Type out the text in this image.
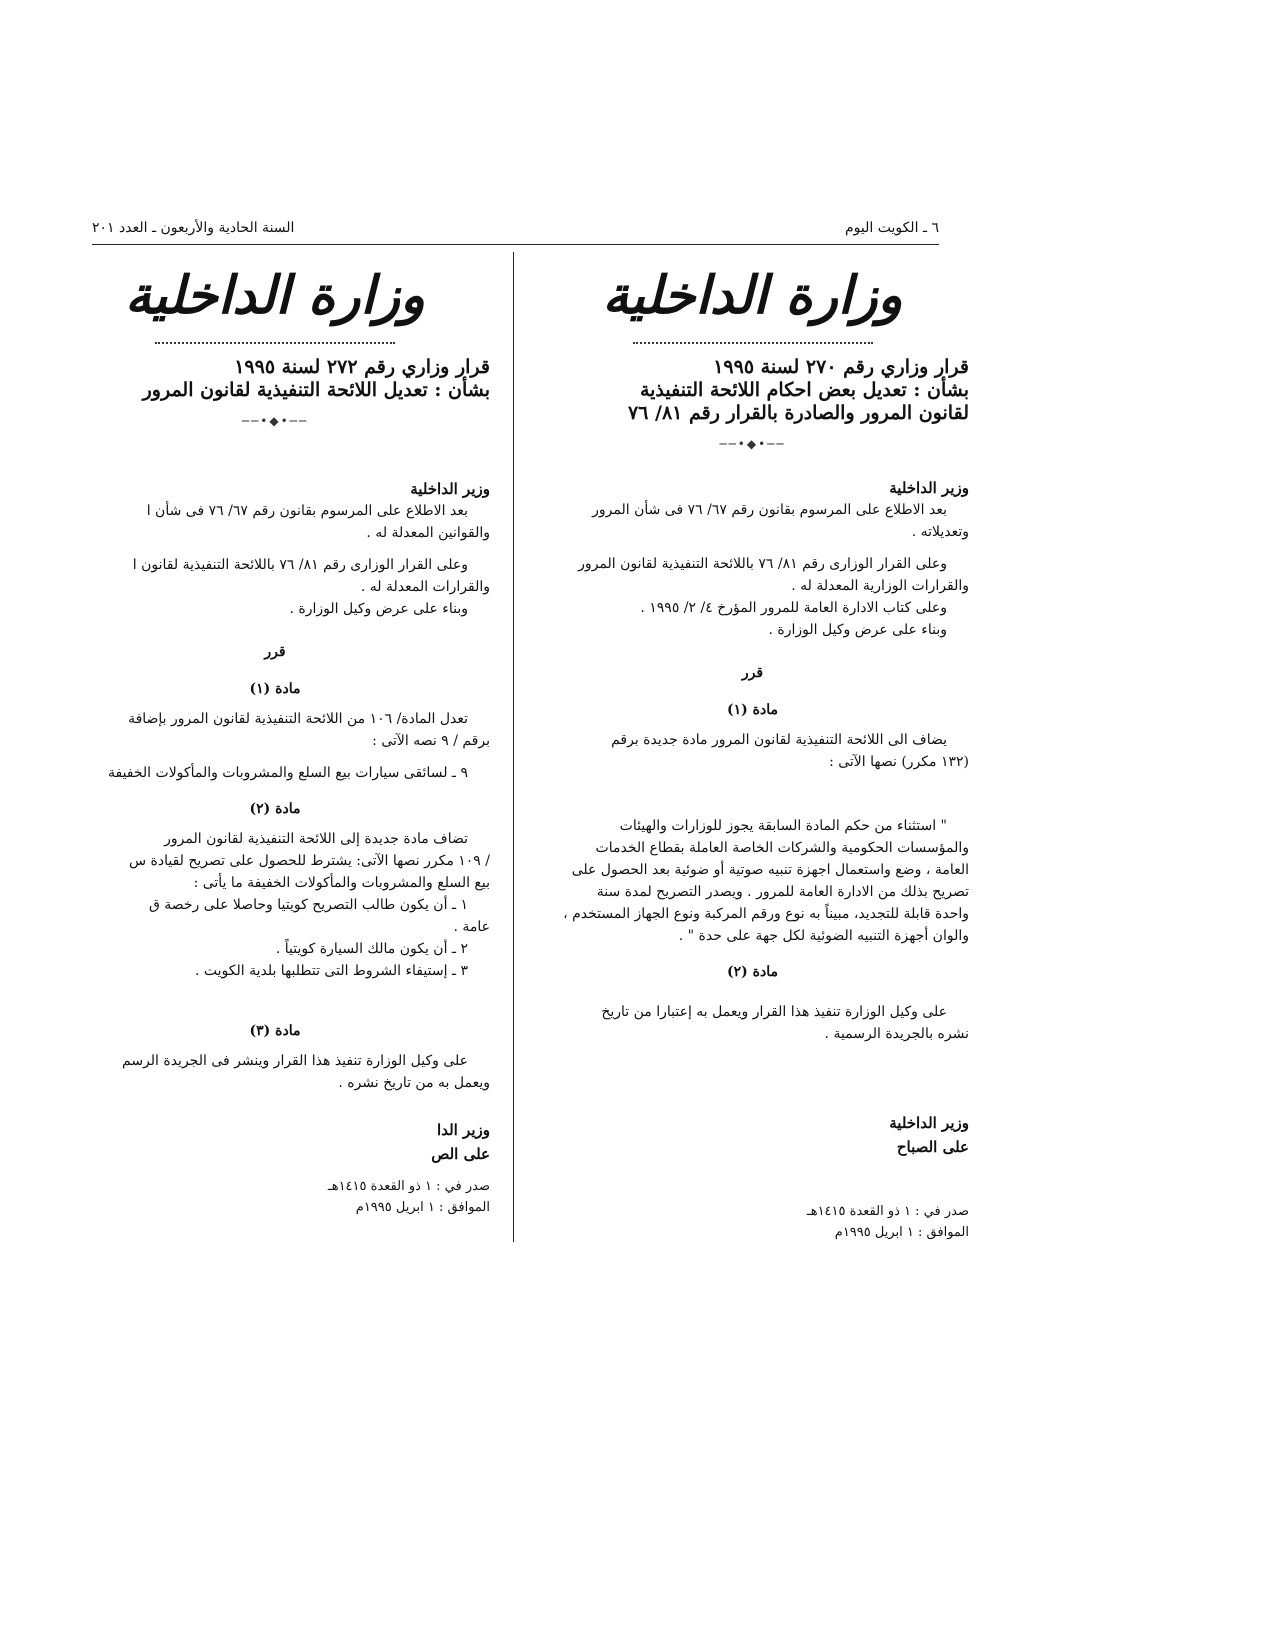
٦ ـ الكويت اليوم
السنة الحادية والأربعون ـ العدد ٢٠١
وزارة الداخلية
قرار وزاري رقم ٢٧٠ لسنة ١٩٩٥
بشأن : تعديل بعض احكام اللائحة التنفيذية
لقانون المرور والصادرة بالقرار رقم ٨١/ ٧٦
──•◆•──
وزير الداخلية
بعد الاطلاع على المرسوم بقانون رقم ٦٧/ ٧٦ فى شأن المرور
وتعديلاته .
وعلى القرار الوزارى رقم ٨١/ ٧٦ باللائحة التنفيذية لقانون المرور
والقرارات الوزارية المعدلة له .
وعلى كتاب الادارة العامة للمرور المؤرخ ٤/ ٢/ ١٩٩٥ .
وبناء على عرض وكيل الوزارة .
قرر
مادة (١)
يضاف الى اللائحة التنفيذية لقانون المرور مادة جديدة برقم
(١٣٢ مكرر) نصها الآتى :
" استثناء من حكم المادة السابقة يجوز للوزارات والهيئات
والمؤسسات الحكومية والشركات الخاصة العاملة بقطاع الخدمات
العامة ، وضع واستعمال اجهزة تنبيه صوتية أو ضوئية بعد الحصول على
تصريح بذلك من الادارة العامة للمرور . ويصدر التصريح لمدة سنة
واحدة قابلة للتجديد، مبيناً به نوع ورقم المركبة ونوع الجهاز المستخدم ،
والوان أجهزة التنبيه الضوئية لكل جهة على حدة " .
مادة (٢)
على وكيل الوزارة تنفيذ هذا القرار ويعمل به إعتبارا من تاريخ
نشره بالجريدة الرسمية .
وزير الداخلية
على الصباح
صدر في : ١ ذو القعدة ١٤١٥هـ
الموافق : ١ ابريل ١٩٩٥م
وزارة الداخلية
قرار وزاري رقم ٢٧٢ لسنة ١٩٩٥
بشأن : تعديل اللائحة التنفيذية لقانون المرور
──•◆•──
وزير الداخلية
بعد الاطلاع على المرسوم بقانون رقم ٦٧/ ٧٦ فى شأن ا
والقوانين المعدلة له .
وعلى القرار الوزارى رقم ٨١/ ٧٦ باللائحة التنفيذية لقانون ا
والقرارات المعدلة له .
وبناء على عرض وكيل الوزارة .
قرر
مادة (١)
تعدل المادة/ ١٠٦ من اللائحة التنفيذية لقانون المرور بإضافة
برقم / ٩ نصه الآتى :
٩ ـ لسائقى سيارات بيع السلع والمشروبات والمأكولات الخفيفة
مادة (٢)
تضاف مادة جديدة إلى اللائحة التنفيذية لقانون المرور
/ ١٠٩ مكرر نصها الآتى: يشترط للحصول على تصريح لقيادة س
بيع السلع والمشروبات والمأكولات الخفيفة ما يأتى :
١ ـ أن يكون طالب التصريح كويتيا وحاصلا على رخصة ق
عامة .
٢ ـ أن يكون مالك السيارة كويتياً .
٣ ـ إستيفاء الشروط التى تتطلبها بلدية الكويت .
مادة (٣)
على وكيل الوزارة تنفيذ هذا القرار وينشر فى الجريدة الرسم
ويعمل به من تاريخ نشره .
وزير الدا
على الص
صدر في : ١ ذو القعدة ١٤١٥هـ
الموافق : ١ ابريل ١٩٩٥م
